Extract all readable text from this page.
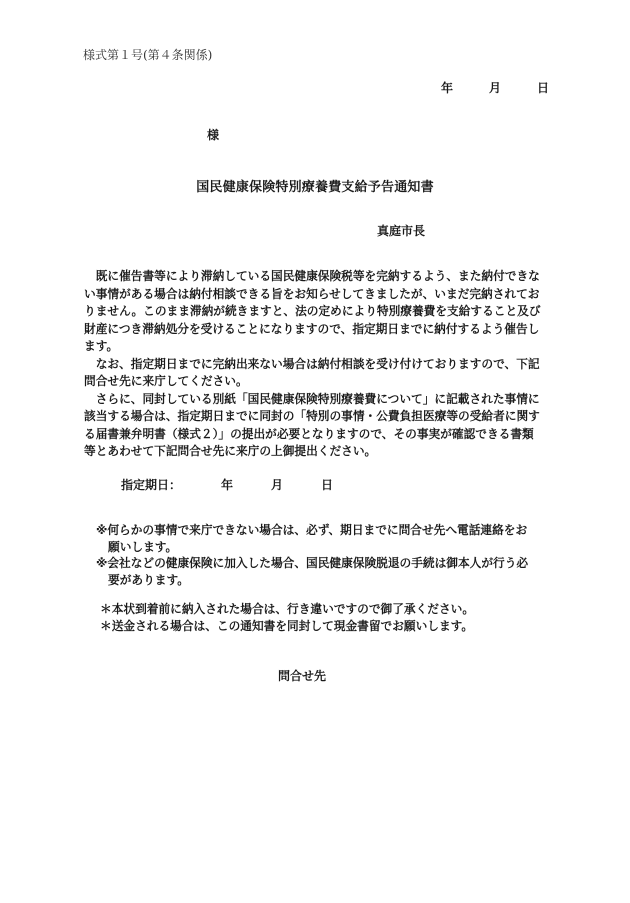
様式第１号(第４条関係)
年	月	日
様
国民健康保険特別療養費支給予告通知書
真庭市長

既に催告書等により滞納している国民健康保険税等を完納するよう、また納付できない事情がある場合は納付相談できる旨をお知らせしてきましたが、いまだ完納されておりません。このまま滞納が続きますと、法の定めにより特別療養費を支給すること及び財産につき滞納処分を受けることになりますので、指定期日までに納付するよう催告します。

なお、指定期日までに完納出来ない場合は納付相談を受け付けておりますので、下記問合せ先に来庁してください。

さらに、同封している別紙「国民健康保険特別療養費について」に記載された事情に該当する場合は、指定期日までに同封の「特別の事情・公費負担医療等の受給者に関する届書兼弁明書（様式２）」の提出が必要となりますので、その事実が確認できる書類等とあわせて下記問合せ先に来庁の上御提出ください。

指定期日：	年	月	日

※何らかの事情で来庁できない場合は、必ず、期日までに問合せ先へ電話連絡をお願いします。

※会社などの健康保険に加入した場合、国民健康保険脱退の手続は御本人が行う必要があります。

＊本状到着前に納入された場合は、行き違いですので御了承ください。

＊送金される場合は、この通知書を同封して現金書留でお願いします。

問合せ先
